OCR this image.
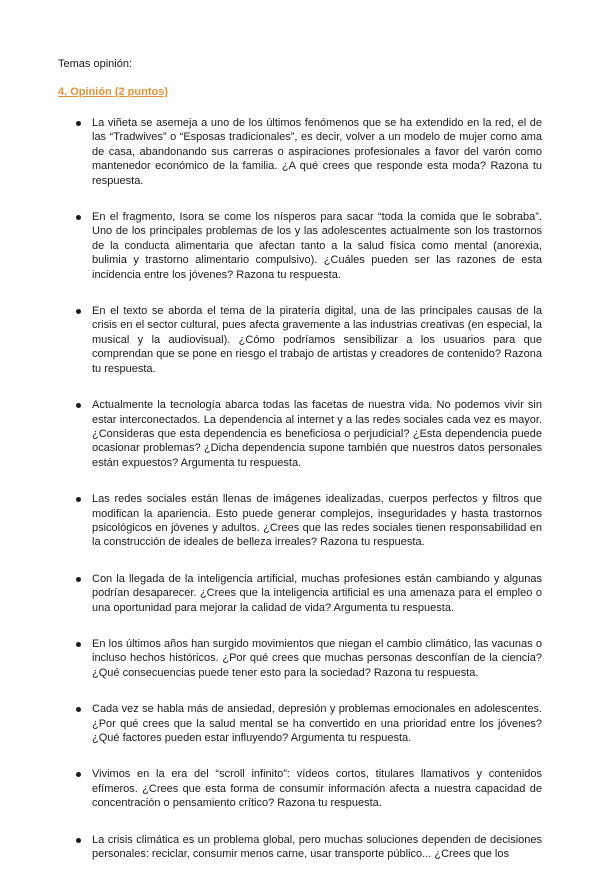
Temas opinión:
4. Opinión (2 puntos)
La viñeta se asemeja a uno de los últimos fenómenos que se ha extendido en la red, el de las “Tradwives” o “Esposas tradicionales”, es decir, volver a un modelo de mujer como ama de casa, abandonando sus carreras o aspiraciones profesionales a favor del varón como mantenedor económico de la familia. ¿A qué crees que responde esta moda? Razona tu respuesta.
En el fragmento, Isora se come los nísperos para sacar “toda la comida que le sobraba”. Uno de los principales problemas de los y las adolescentes actualmente son los trastornos de la conducta alimentaria que afectan tanto a la salud física como mental (anorexia, bulimia y trastorno alimentario compulsivo). ¿Cuáles pueden ser las razones de esta incidencia entre los jóvenes? Razona tu respuesta.
En el texto se aborda el tema de la piratería digital, una de las principales causas de la crisis en el sector cultural, pues afecta gravemente a las industrias creativas (en especial, la musical y la audiovisual). ¿Cómo podríamos sensibilizar a los usuarios para que comprendan que se pone en riesgo el trabajo de artistas y creadores de contenido? Razona tu respuesta.
Actualmente la tecnología abarca todas las facetas de nuestra vida. No podemos vivir sin estar interconectados. La dependencia al internet y a las redes sociales cada vez es mayor. ¿Consideras que esta dependencia es beneficiosa o perjudicial? ¿Esta dependencia puede ocasionar problemas? ¿Dicha dependencia supone también que nuestros datos personales están expuestos? Argumenta tu respuesta.
Las redes sociales están llenas de imágenes idealizadas, cuerpos perfectos y filtros que modifican la apariencia. Esto puede generar complejos, inseguridades y hasta trastornos psicológicos en jóvenes y adultos. ¿Crees que las redes sociales tienen responsabilidad en la construcción de ideales de belleza irreales? Razona tu respuesta.
Con la llegada de la inteligencia artificial, muchas profesiones están cambiando y algunas podrían desaparecer. ¿Crees que la inteligencia artificial es una amenaza para el empleo o una oportunidad para mejorar la calidad de vida? Argumenta tu respuesta.
En los últimos años han surgido movimientos que niegan el cambio climático, las vacunas o incluso hechos históricos. ¿Por qué crees que muchas personas desconfían de la ciencia? ¿Qué consecuencias puede tener esto para la sociedad? Razona tu respuesta.
Cada vez se habla más de ansiedad, depresión y problemas emocionales en adolescentes. ¿Por qué crees que la salud mental se ha convertido en una prioridad entre los jóvenes? ¿Qué factores pueden estar influyendo? Argumenta tu respuesta.
Vivimos en la era del “scroll infinito”: vídeos cortos, titulares llamativos y contenidos efímeros. ¿Crees que esta forma de consumir información afecta a nuestra capacidad de concentración o pensamiento crítico? Razona tu respuesta.
La crisis climática es un problema global, pero muchas soluciones dependen de decisiones personales: reciclar, consumir menos carne, usar transporte público... ¿Crees que los
